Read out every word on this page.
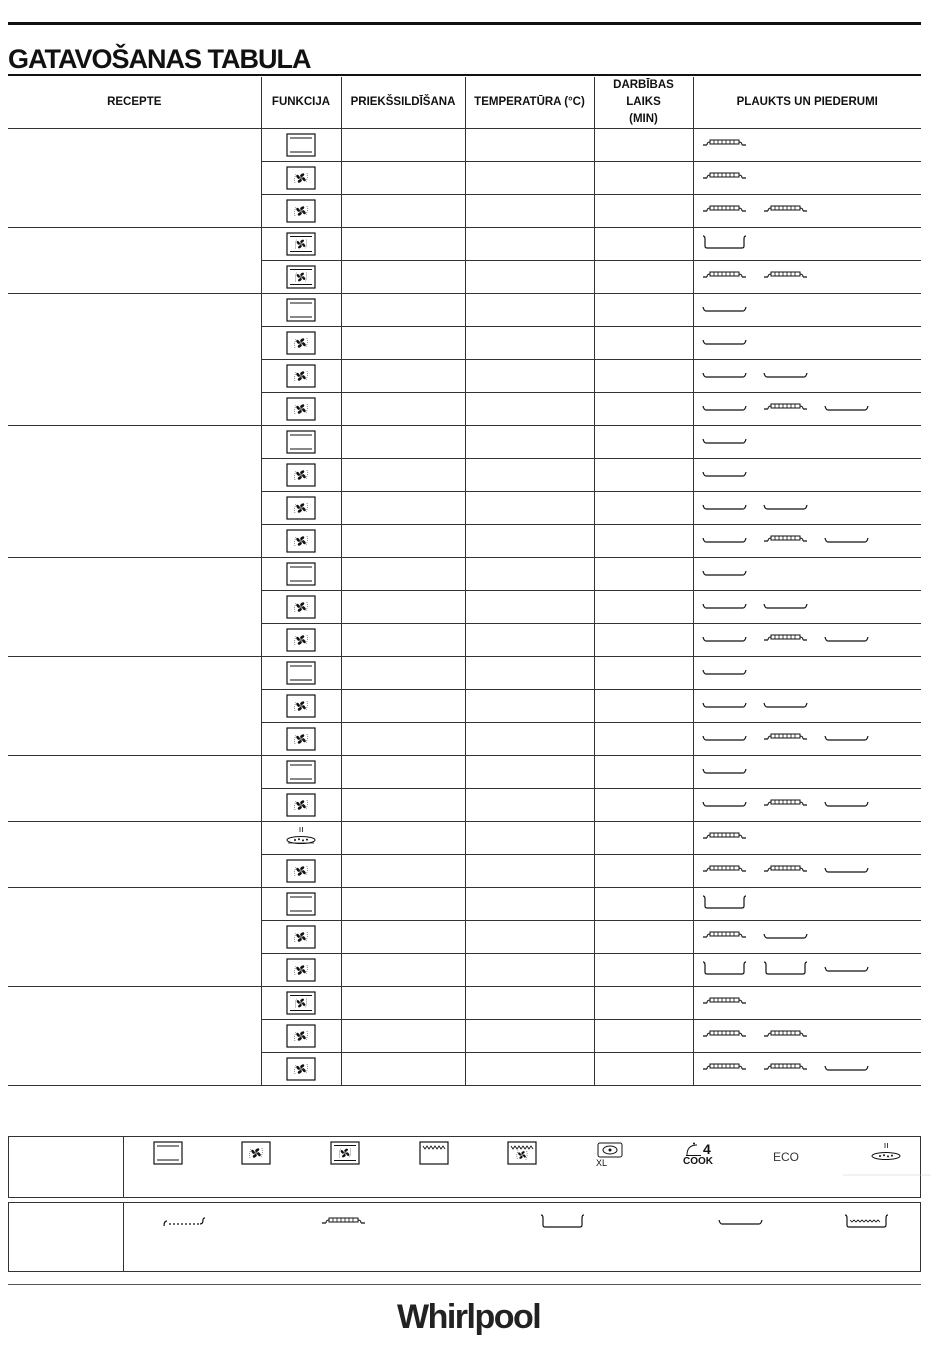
GATAVOŠANAS TABULA
RECEPTE	FUNKCIJA	PRIEKŠSILDĪŠANA	TEMPERATŪRA (°C)	DARBĪBAS LAIKS (MIN)	PLAUKTS UN PIEDERUMI

XL
4
COOK	ECO
Whirlpool
